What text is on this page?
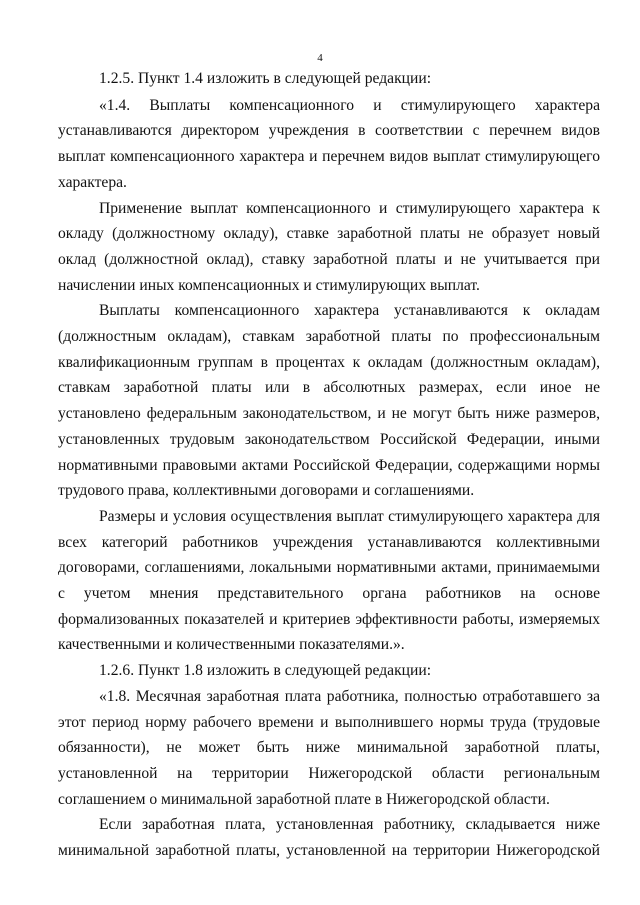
4

1.2.5. Пункт 1.4 изложить в следующей редакции:

«1.4. Выплаты компенсационного и стимулирующего характера устанавливаются директором учреждения в соответствии с перечнем видов выплат компенсационного характера и перечнем видов выплат стимулирующего характера.

Применение выплат компенсационного и стимулирующего характера к окладу (должностному окладу), ставке заработной платы не образует новый оклад (должностной оклад), ставку заработной платы и не учитывается при начислении иных компенсационных и стимулирующих выплат.

Выплаты компенсационного характера устанавливаются к окладам (должностным окладам), ставкам заработной платы по профессиональным квалификационным группам в процентах к окладам (должностным окладам), ставкам заработной платы или в абсолютных размерах, если иное не установлено федеральным законодательством, и не могут быть ниже размеров, установленных трудовым законодательством Российской Федерации, иными нормативными правовыми актами Российской Федерации, содержащими нормы трудового права, коллективными договорами и соглашениями.

Размеры и условия осуществления выплат стимулирующего характера для всех категорий работников учреждения устанавливаются коллективными договорами, соглашениями, локальными нормативными актами, принимаемыми с учетом мнения представительного органа работников на основе формализованных показателей и критериев эффективности работы, измеряемых качественными и количественными показателями.».

1.2.6. Пункт 1.8 изложить в следующей редакции:

«1.8. Месячная заработная плата работника, полностью отработавшего за этот период норму рабочего времени и выполнившего нормы труда (трудовые обязанности), не может быть ниже минимальной заработной платы, установленной на территории Нижегородской области региональным соглашением о минимальной заработной плате в Нижегородской области.

Если заработная плата, установленная работнику, складывается ниже минимальной заработной платы, установленной на территории Нижегородской
